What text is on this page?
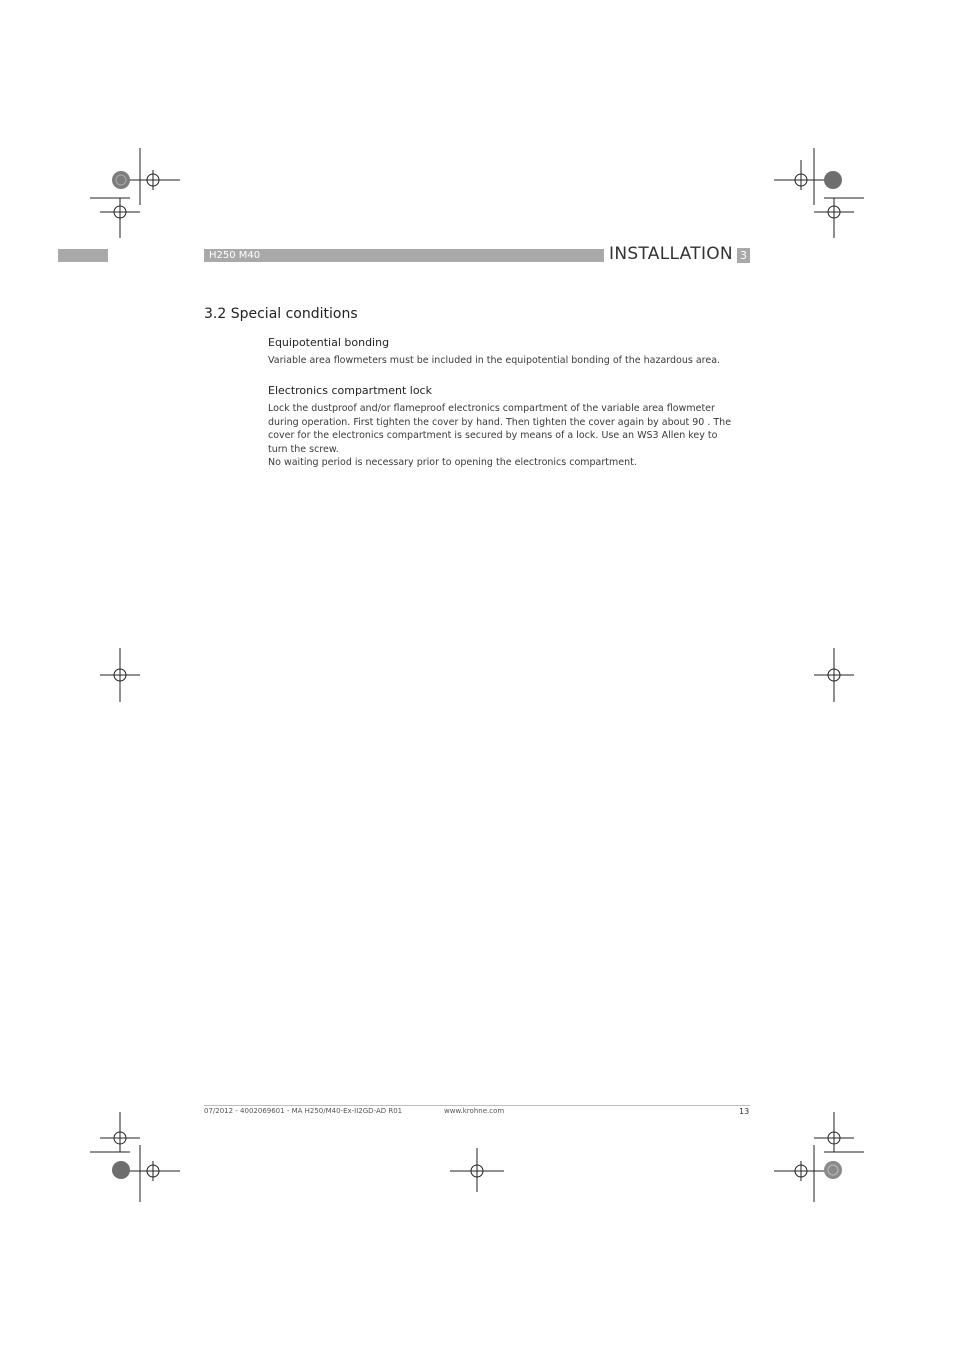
H250 M40	INSTALLATION 3
3.2 Special conditions
Equipotential bonding
Variable area flowmeters must be included in the equipotential bonding of the hazardous area.
Electronics compartment lock
Lock the dustproof and/or flameproof electronics compartment of the variable area flowmeter
during operation. First tighten the cover by hand. Then tighten the cover again by about 90 . The
cover for the electronics compartment is secured by means of a lock. Use an WS3 Allen key to
turn the screw.
No waiting period is necessary prior to opening the electronics compartment.
07/2012 - 4002069601 - MA H250/M40-Ex-II2GD-AD R01	www.krohne.com	13
